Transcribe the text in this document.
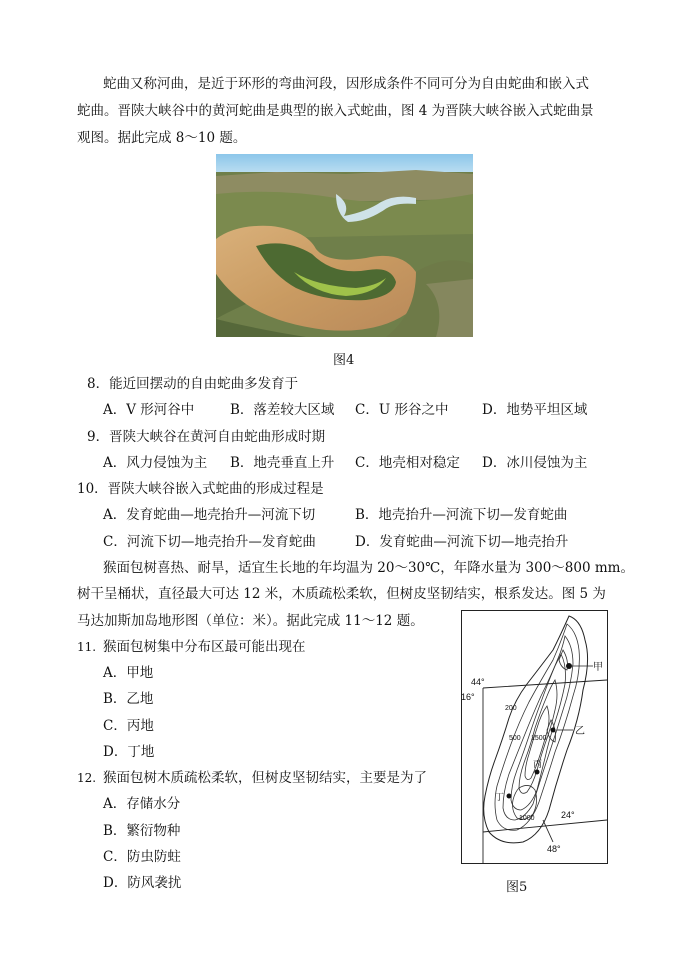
蛇曲又称河曲，是近于环形的弯曲河段，因形成条件不同可分为自由蛇曲和嵌入式
蛇曲。晋陕大峡谷中的黄河蛇曲是典型的嵌入式蛇曲，图 4 为晋陕大峡谷嵌入式蛇曲景
观图。据此完成 8～10 题。
图4
8．能近回摆动的自由蛇曲多发育于
A．V 形河谷中	B．落差较大区域 C．U 形谷之中 D．地势平坦区域
9．晋陕大峡谷在黄河自由蛇曲形成时期
A．风力侵蚀为主 B．地壳垂直上升 C．地壳相对稳定 D．冰川侵蚀为主
10．晋陕大峡谷嵌入式蛇曲的形成过程是
A．发育蛇曲—地壳抬升—河流下切	B．地壳抬升—河流下切—发育蛇曲
C．河流下切—地壳抬升—发育蛇曲	D．发育蛇曲—河流下切—地壳抬升
猴面包树喜热、耐旱，适宜生长地的年均温为 20～30℃，年降水量为 300～800 mm。
树干呈桶状，直径最大可达 12 米，木质疏松柔软，但树皮坚韧结实，根系发达。图 5 为
马达加斯加岛地形图（单位：米）。据此完成 11～12 题。
11. 猴面包树集中分布区最可能出现在
A．甲地
B．乙地
C．丙地
D．丁地
12. 猴面包树木质疏松柔软，但树皮坚韧结实，主要是为了
A．存储水分
B．繁衍物种
C．防虫防蛀
D．防风袭扰
44°
16°
200
500 1500
1000
甲
乙
丙
丁
24°
48°
图5
